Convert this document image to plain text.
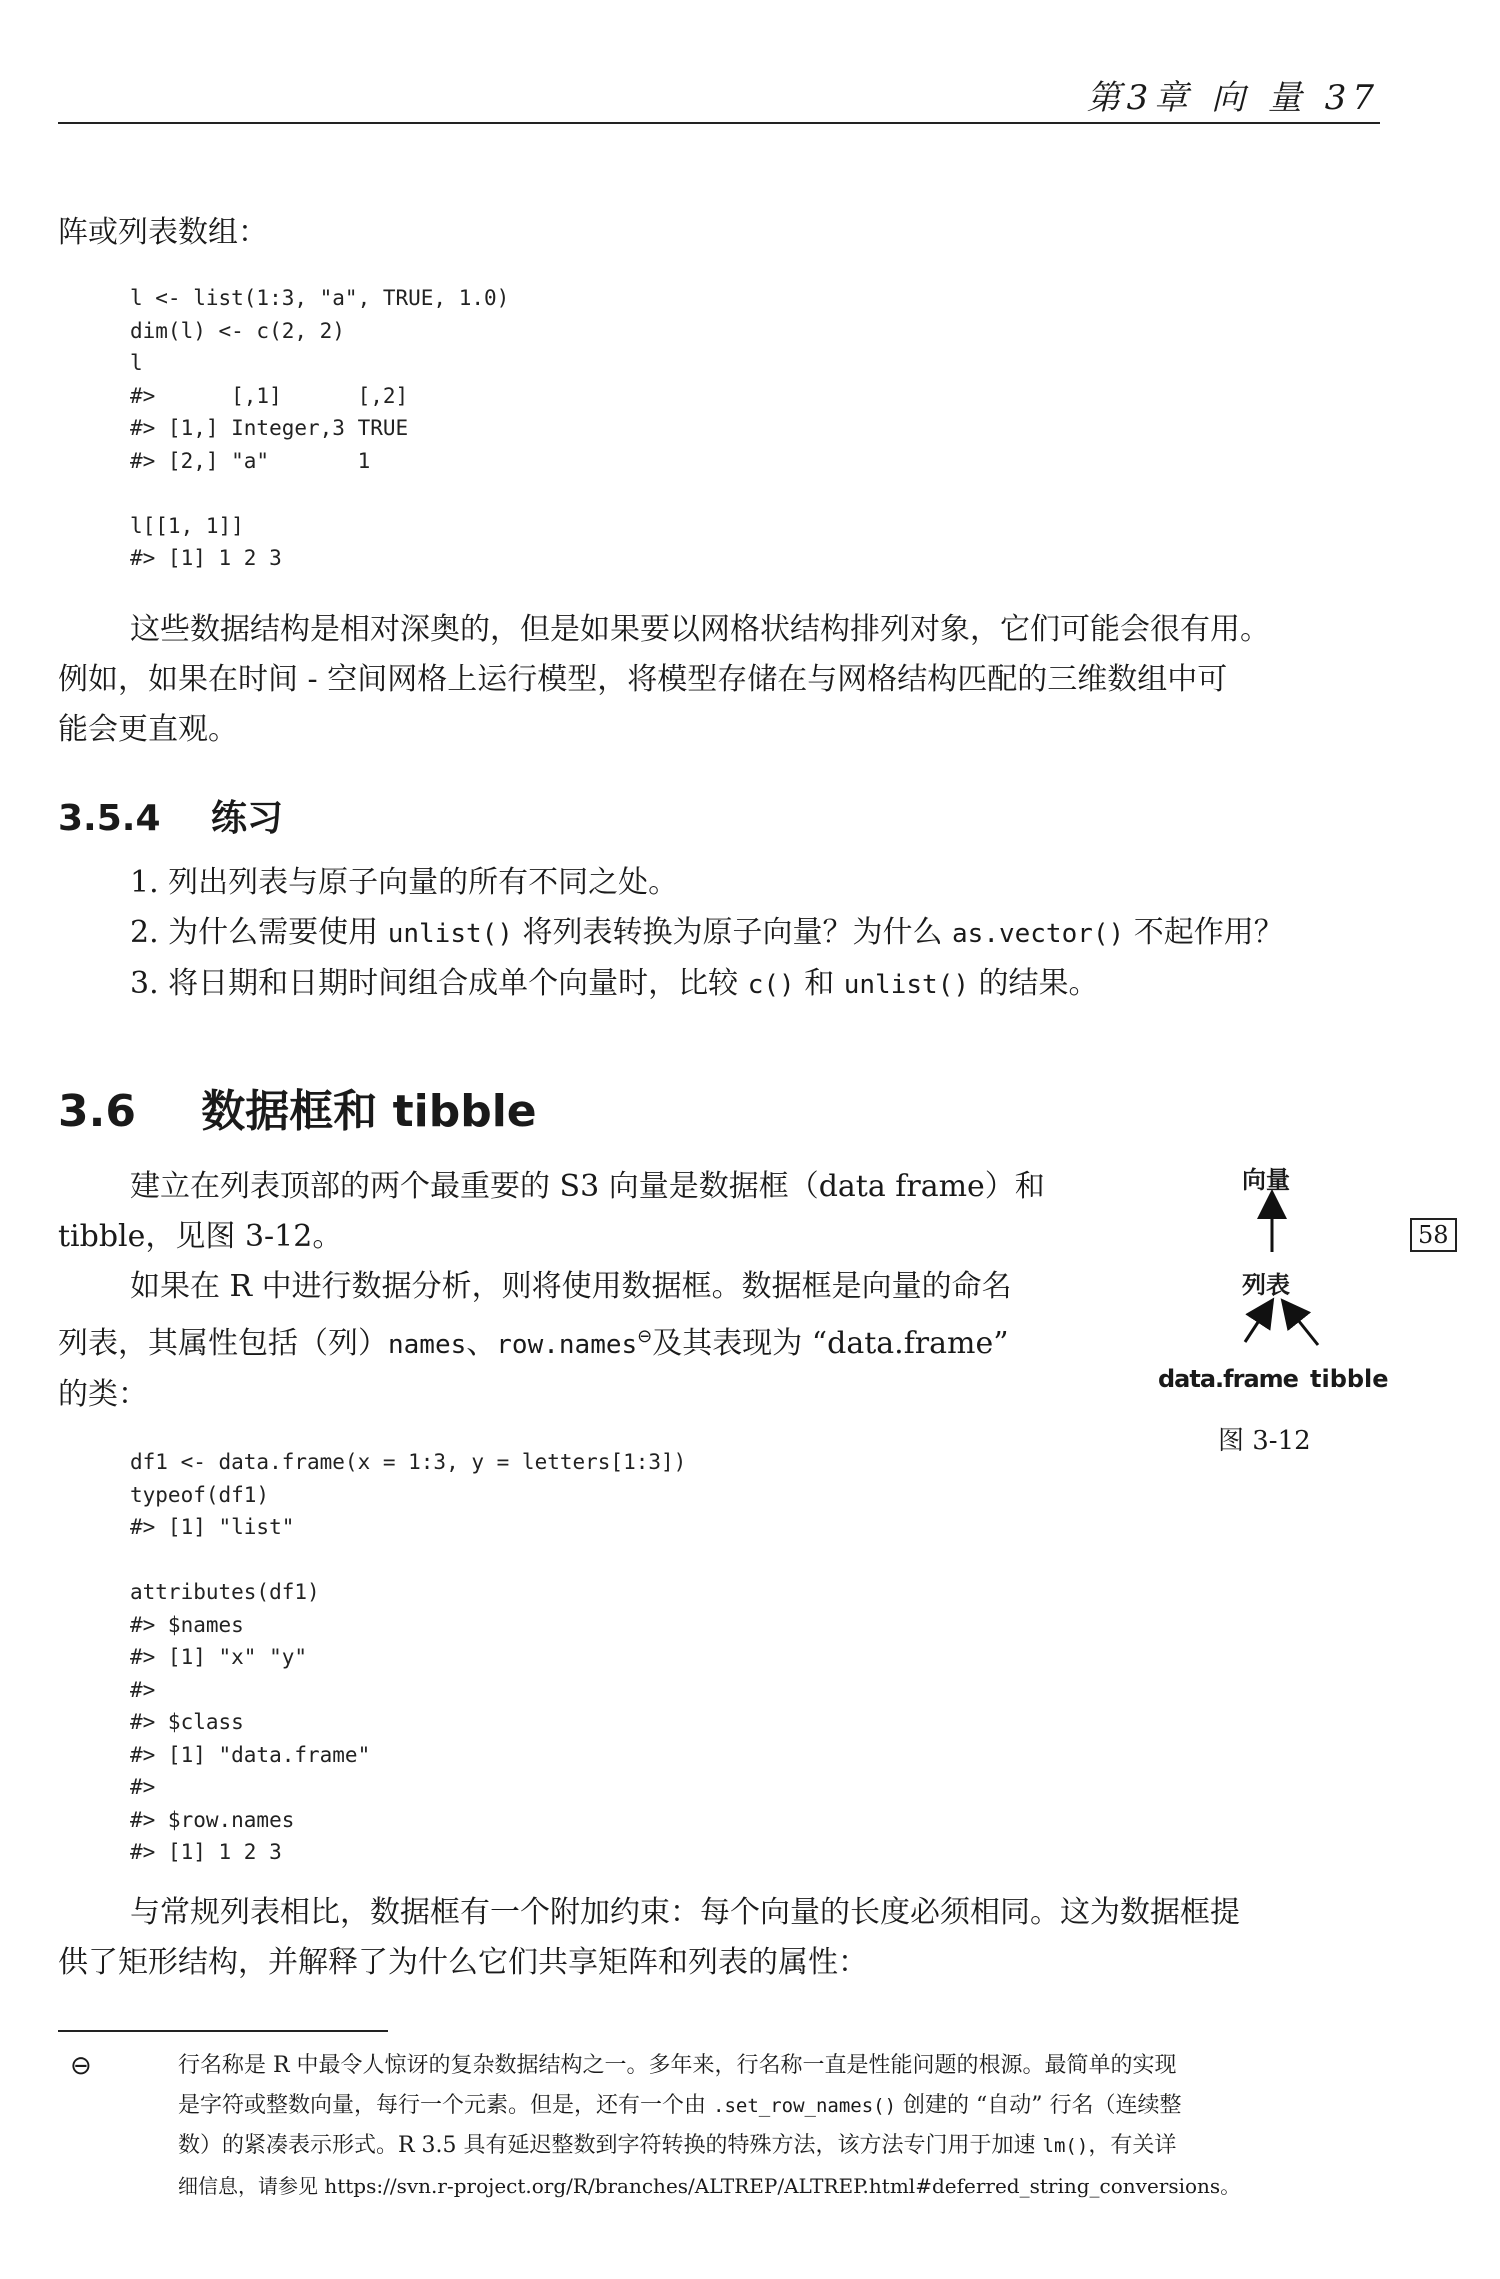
第3章 向 量 37
阵或列表数组：
l <- list(1:3, "a", TRUE, 1.0)
dim(l) <- c(2, 2)
l
#>      [,1]      [,2]
#> [1,] Integer,3 TRUE
#> [2,] "a"       1

l[[1, 1]]
#> [1] 1 2 3
这些数据结构是相对深奥的，但是如果要以网格状结构排列对象，它们可能会很有用。
例如，如果在时间 - 空间网格上运行模型，将模型存储在与网格结构匹配的三维数组中可
能会更直观。
3.5.4 练习
1. 列出列表与原子向量的所有不同之处。
2. 为什么需要使用 unlist() 将列表转换为原子向量？为什么 as.vector() 不起作用？
3. 将日期和日期时间组合成单个向量时，比较 c() 和 unlist() 的结果。
3.6 数据框和 tibble
建立在列表顶部的两个最重要的 S3 向量是数据框（data frame）和
tibble，见图 3-12。
如果在 R 中进行数据分析，则将使用数据框。数据框是向量的命名
列表，其属性包括（列）names、row.names⊖及其表现为 “data.frame”
的类：
向量
列表
data.frame tibble
图 3-12
58
df1 <- data.frame(x = 1:3, y = letters[1:3])
typeof(df1)
#> [1] "list"

attributes(df1)
#> $names
#> [1] "x" "y"
#>
#> $class
#> [1] "data.frame"
#>
#> $row.names
#> [1] 1 2 3
与常规列表相比，数据框有一个附加约束：每个向量的长度必须相同。这为数据框提
供了矩形结构，并解释了为什么它们共享矩阵和列表的属性：
⊖	行名称是 R 中最令人惊讶的复杂数据结构之一。多年来，行名称一直是性能问题的根源。最简单的实现
是字符或整数向量，每行一个元素。但是，还有一个由 .set_row_names() 创建的 “自动” 行名（连续整
数）的紧凑表示形式。R 3.5 具有延迟整数到字符转换的特殊方法，该方法专门用于加速 lm()，有关详
细信息，请参见 https://svn.r-project.org/R/branches/ALTREP/ALTREP.html#deferred_string_conversions。
